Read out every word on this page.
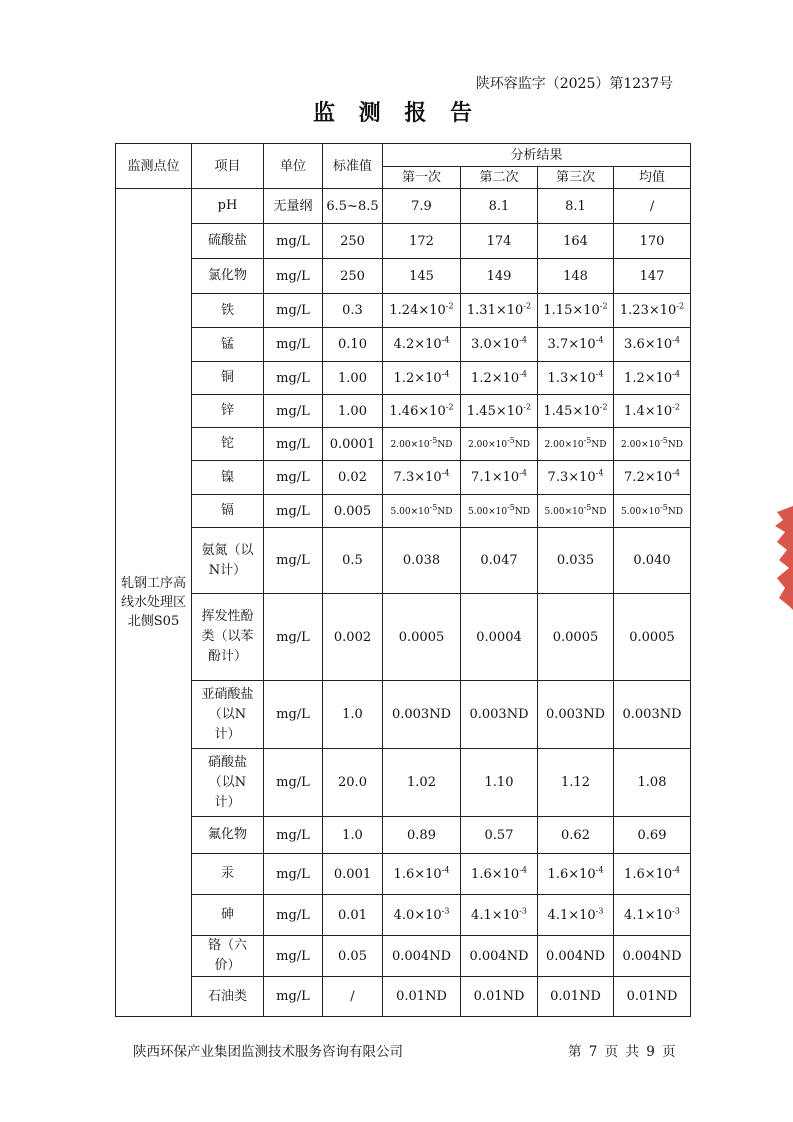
陕环容监字（2025）第1237号
监 测 报 告
监测点位	项目	单位	标准值	分析结果			
				第一次	第二次	第三次	均值
轧钢工序高线水处理区北侧S05	pH	无量纲	6.5~8.5	7.9	8.1	8.1	/
	硫酸盐	mg/L	250	172	174	164	170
	氯化物	mg/L	250	145	149	148	147
	铁	mg/L	0.3	$1.24\times 10^{-2}$	$1.31\times 10^{-2}$	$1.15\times 10^{-2}$	$1.23\times 10^{-2}$
	锰	mg/L	0.10	$4.2\times 10^{-4}$	$3.0\times 10^{-4}$	$3.7\times 10^{-4}$	$3.6\times 10^{-4}$
	铜	mg/L	1.00	$1.2\times 10^{-4}$	$1.2\times 10^{-4}$	$1.3\times 10^{-4}$	$1.2\times 10^{-4}$
	锌	mg/L	1.00	$1.46\times 10^{-2}$	$1.45\times 10^{-2}$	$1.45\times 10^{-2}$	$1.4\times 10^{-2}$
	铊	mg/L	0.0001	$2.00\times 10^{-5}ND$	$2.00\times 10^{-5}ND$	$2.00\times 10^{-5}ND$	$2.00\times 10^{-5}ND$
	镍	mg/L	0.02	$7.3\times 10^{-4}$	$7.1\times 10^{-4}$	$7.3\times 10^{-4}$	$7.2\times 10^{-4}$
	镉	mg/L	0.005	$5.00\times 10^{-5}ND$	$5.00\times 10^{-5}ND$	$5.00\times 10^{-5}ND$	$5.00\times 10^{-5}ND$
	氨氮（以N计）	mg/L	0.5	0.038	0.047	0.035	0.040
	挥发性酚类（以苯酚计）	mg/L	0.002	0.0005	0.0004	0.0005	0.0005
	亚硝酸盐（以N计）	mg/L	1.0	0.003ND	0.003ND	0.003ND	0.003ND
	硝酸盐（以N计）	mg/L	20.0	1.02	1.10	1.12	1.08
	氟化物	mg/L	1.0	0.89	0.57	0.62	0.69
	汞	mg/L	0.001	$1.6\times 10^{-4}$	$1.6\times 10^{-4}$	$1.6\times 10^{-4}$	$1.6\times 10^{-4}$
	砷	mg/L	0.01	$4.0\times 10^{-3}$	$4.1\times 10^{-3}$	$4.1\times 10^{-3}$	$4.1\times 10^{-3}$
	铬（六价）	mg/L	0.05	0.004ND	0.004ND	0.004ND	0.004ND
	石油类	mg/L	/	0.01ND	0.01ND	0.01ND	0.01ND
陕西环保产业集团监测技术服务咨询有限公司	第 7 页 共 9 页
